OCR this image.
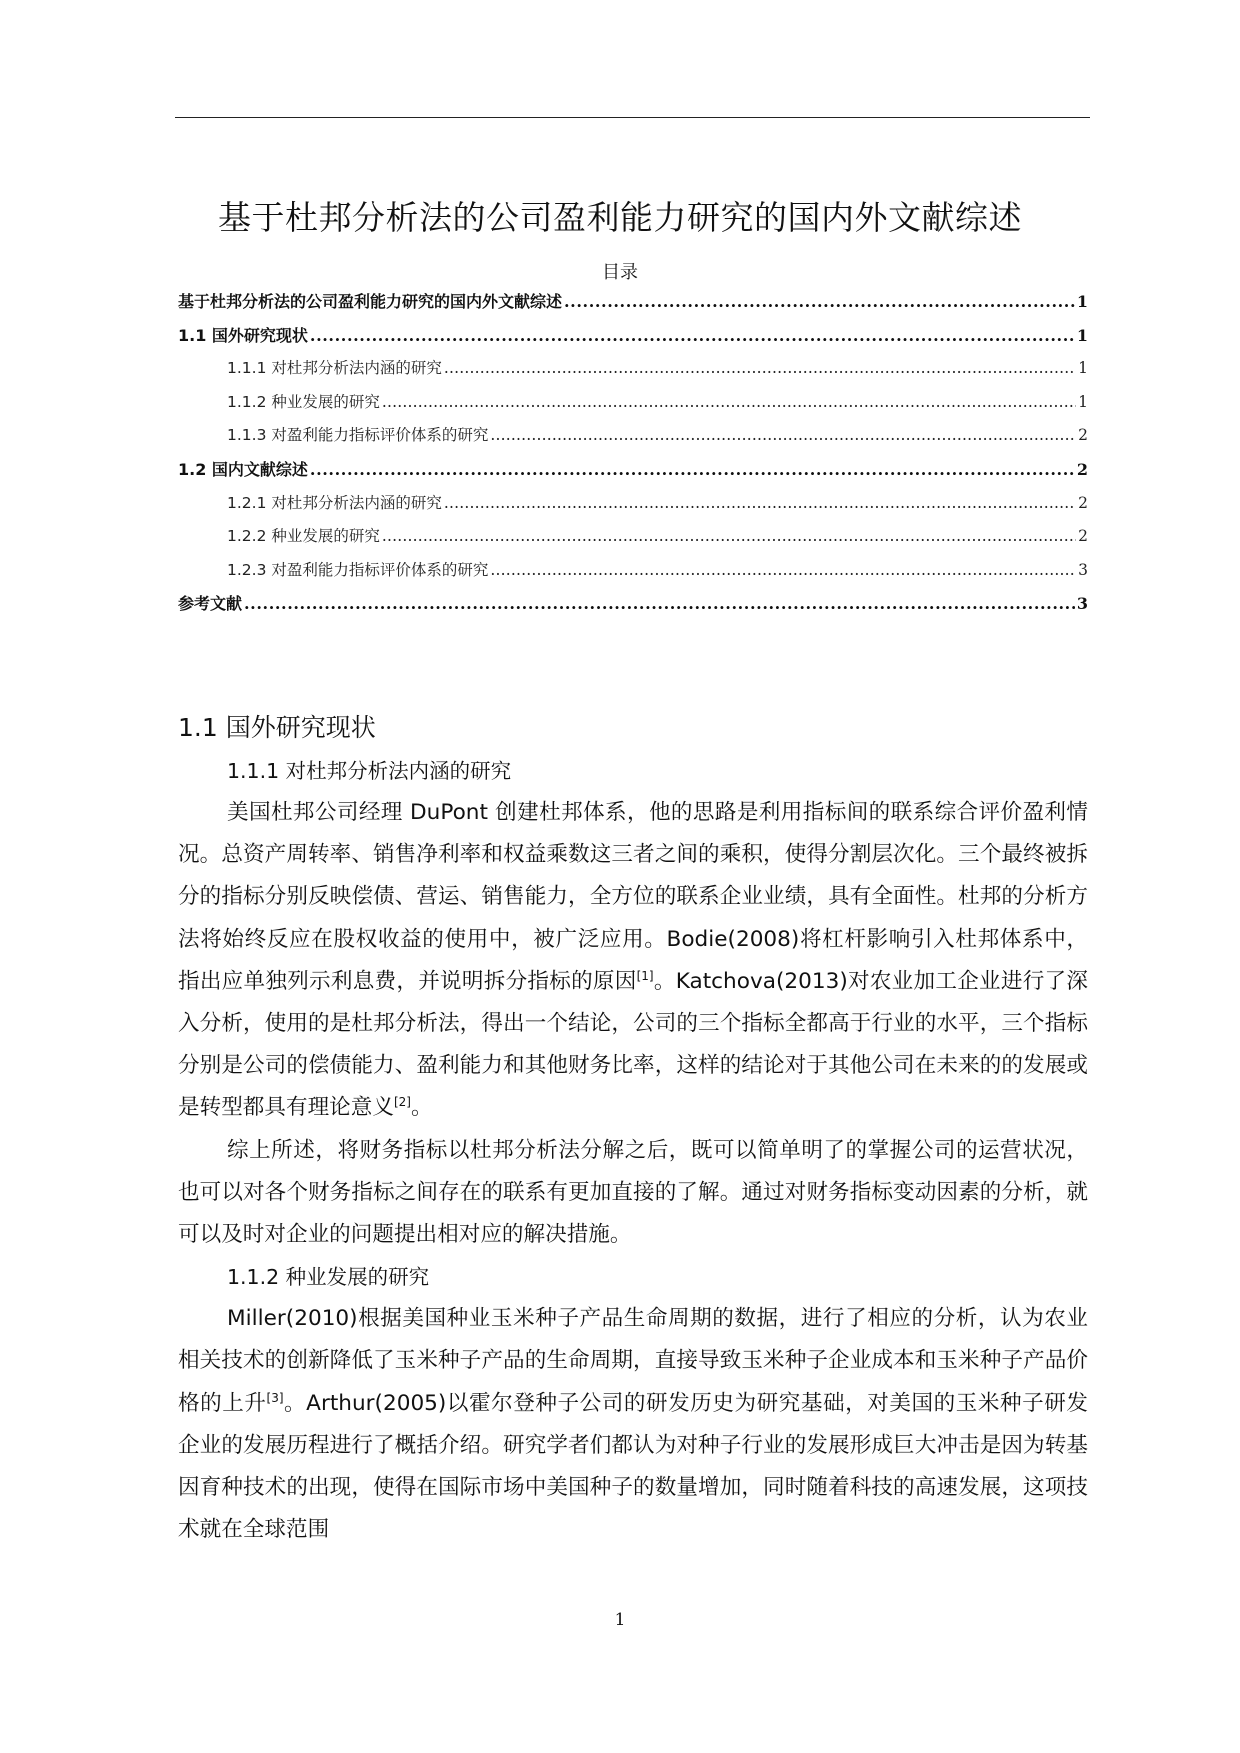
基于杜邦分析法的公司盈利能力研究的国内外文献综述
目录
基于杜邦分析法的公司盈利能力研究的国内外文献综述 .....	1
1.1 国外研究现状 .....	1
1.1.1 对杜邦分析法内涵的研究 .....	1
1.1.2 种业发展的研究 .....	1
1.1.3 对盈利能力指标评价体系的研究 .....	2
1.2 国内文献综述 .....	2
1.2.1 对杜邦分析法内涵的研究 .....	2
1.2.2 种业发展的研究 .....	2
1.2.3 对盈利能力指标评价体系的研究 .....	3
参考文献 .....	3
1.1 国外研究现状
1.1.1 对杜邦分析法内涵的研究

美国杜邦公司经理 DuPont 创建杜邦体系，他的思路是利用指标间的联系综合评价盈利情况。总资产周转率、销售净利率和权益乘数这三者之间的乘积，使得分割层次化。三个最终被拆分的指标分别反映偿债、营运、销售能力，全方位的联系企业业绩，具有全面性。杜邦的分析方法将始终反应在股权收益的使用中，被广泛应用。Bodie(2008)将杠杆影响引入杜邦体系中，指出应单独列示利息费，并说明拆分指标的原因[1]。Katchova(2013)对农业加工企业进行了深入分析，使用的是杜邦分析法，得出一个结论，公司的三个指标全都高于行业的水平，三个指标分别是公司的偿债能力、盈利能力和其他财务比率，这样的结论对于其他公司在未来的的发展或是转型都具有理论意义[2]。

综上所述，将财务指标以杜邦分析法分解之后，既可以简单明了的掌握公司的运营状况，也可以对各个财务指标之间存在的联系有更加直接的了解。通过对财务指标变动因素的分析，就可以及时对企业的问题提出相对应的解决措施。

1.1.2 种业发展的研究

Miller(2010)根据美国种业玉米种子产品生命周期的数据，进行了相应的分析，认为农业相关技术的创新降低了玉米种子产品的生命周期，直接导致玉米种子企业成本和玉米种子产品价格的上升[3]。Arthur(2005)以霍尔登种子公司的研发历史为研究基础，对美国的玉米种子研发企业的发展历程进行了概括介绍。研究学者们都认为对种子行业的发展形成巨大冲击是因为转基因育种技术的出现，使得在国际市场中美国种子的数量增加，同时随着科技的高速发展，这项技术就在全球范围

1
